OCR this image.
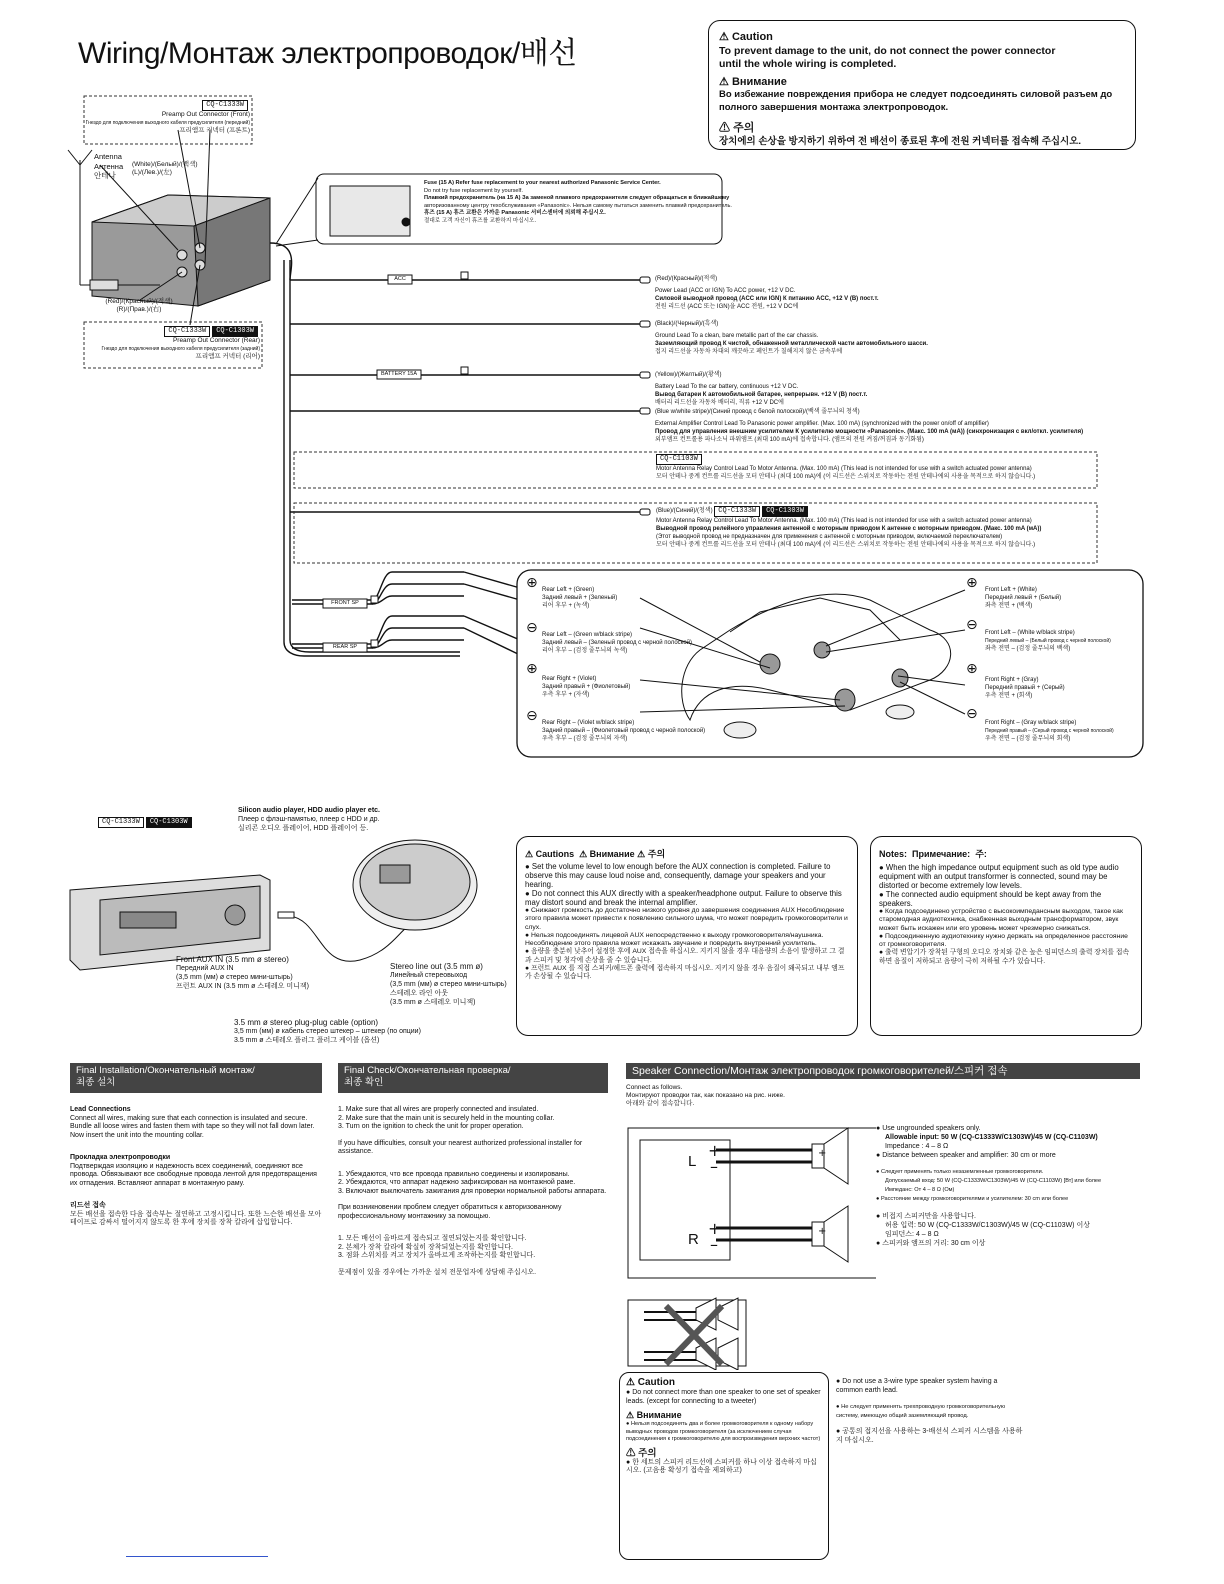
Wiring/Монтаж электропроводок/배선	⚠ Caution
To prevent damage to the unit, do not connect the power connector
until the whole wiring is completed.
⚠ Внимание
Во избежание повреждения прибора не следует подсоединять силовой разъем до
полного завершения монтажа электропроводок.
⚠ 주의
장치에의 손상을 방지하기 위하여 전 배선이 종료된 후에 전원 커넥터를 접속해 주십시오.
⊕
⊖
⊕
⊖
⊕
⊖
⊕
⊖
CQ-C1333W
Preamp Out Connector (Front)
Гнездо для подключения выходного кабеля предусилителя (передний)
프리앰프 커넥터 (프론트)
Antenna
Антенна
안테나
(White)/(Белый)/(백색)
(L)/(Лев.)/(左)
(Red)/(Красный)/(적색)
(R)/(Прав.)/(右)
CQ-C1333W CQ-C1303W
Preamp Out Connector (Rear)
Гнездо для подключения выходного кабеля предусилителя (задний)
프리앰프 커넥터 (리어)
Fuse (15 A) Refer fuse replacement to your nearest authorized Panasonic Service Center.
Do not try fuse replacement by yourself.
Плавкий предохранитель (на 15 А) За заменой плавкого предохранителя следует обращаться в ближайшему
авторизованному центру техобслуживания «Panasonic». Нельзя самому пытаться заменить плавкий предохранитель.
휴즈 (15 A) 휴즈 교환은 가까운 Panasonic 서비스센터에 의뢰해 주십시오.
절대로 고객 자신이 휴즈를 교환하지 마십시오.
ACC
BATTERY 15A
FRONT SP
REAR SP
(Red)/(Красный)/(적색)
Power Lead (ACC or IGN) To ACC power, +12 V DC.
Силовой выводной провод (ACC или IGN) К питанию ACC, +12 V (В) пост.т.
전원 리드선 (ACC 또는 IGN)을 ACC 전원, +12 V DC에
(Black)/(Черный)/(흑색)
Ground Lead To a clean, bare metallic part of the car chassis.
Заземляющий провод К чистой, обнаженной металлической части автомобильного шасси.
접지 리드선을 자동차 차대의 깨끗하고 페인트가 칠해지지 않은 금속부에
(Yellow)/(Желтый)/(황색)
Battery Lead To the car battery, continuous +12 V DC.
Вывод батареи К автомобильной батарее, непрерывн. +12 V (В) пост.т.
배터리 리드선을 자동차 배터리, 직류 +12 V DC에
(Blue w/white stripe)/(Синий провод с белой полоской)/(백색 줄무늬의 청색)
External Amplifier Control Lead To Panasonic power amplifier. (Max. 100 mA) (synchronized with the power on/off of amplifier)
Провод для управления внешним усилителем К усилителю мощности «Panasonic». (Макс. 100 mA (мА)) (синхронизация с вкл/откл. усилителя)
외부앰프 컨트롤용 파나소닉 파워앰프 (최대 100 mA)에 접속합니다. (앰프의 전원 켜짐/꺼짐과 동기화됨)
CQ-C1103W
Motor Antenna Relay Control Lead To Motor Antenna. (Max. 100 mA) (This lead is not intended for use with a switch actuated power antenna)
모터 안테나 중계 컨트롤 리드선을 모터 안테나 (최대 100 mA)에 (이 리드선은 스위치로 작동하는 전원 안테나에의 사용을 목적으로 하지 않습니다.)
(Blue)/(Синий)/(청색) CQ-C1333W CQ-C1303W
Motor Antenna Relay Control Lead To Motor Antenna. (Max. 100 mA) (This lead is not intended for use with a switch actuated power antenna)
Выводной провод релейного управления антенной с моторным приводом К антенне с моторным приводом. (Макс. 100 mA (мА))
(Этот выводной провод не предназначен для применения с антенной с моторным приводом, включаемой переключателем)
모터 안테나 중계 컨트롤 리드선을 모터 안테나 (최대 100 mA)에 (이 리드선은 스위치로 작동하는 전원 안테나에의 사용을 목적으로 하지 않습니다.)
Rear Left + (Green)
Задний левый + (Зеленый)
리어 후부 + (녹색)
Rear Left – (Green w/black stripe)
Задний левый – (Зеленый провод с черной полоской)
리어 후부 – (검정 줄무늬의 녹색)
Rear Right + (Violet)
Задний правый + (Фиолетовый)
우측 후부 + (자색)
Rear Right – (Violet w/black stripe)
Задний правый – (Фиолетовый провод с черной полоской)
우측 후부 – (검정 줄무늬의 자색)
Front Left + (White)
Передний левый + (Белый)
좌측 전면 + (백색)
Front Left – (White w/black stripe)
Передний левый – (Белый провод с черной полоской)
좌측 전면 – (검정 줄무늬의 백색)
Front Right + (Gray)
Передний правый + (Серый)
우측 전면 + (회색)
Front Right – (Gray w/black stripe)
Передний правый – (Серый провод с черной полоской)
우측 전면 – (검정 줄무늬의 회색)
CQ-C1333W CQ-C1303W
Silicon audio player, HDD audio player etc.
Плеер с флэш-памятью, плеер с HDD и др.
실리콘 오디오 플레이어, HDD 플레이어 등.
Front AUX IN (3.5 mm ø stereo)
Передний AUX IN
(3,5 mm (мм) ø стерео мини-штырь)
프런트 AUX IN (3.5 mm ø 스테레오 미니잭)
Stereo line out (3.5 mm ø)
Линейный стереовыход
(3,5 mm (мм) ø стерео мини-штырь)
스테레오 라인 아웃
(3.5 mm ø 스테레오 미니잭)
3.5 mm ø stereo plug-plug cable (option)
3,5 mm (мм) ø кабель стерео штекер – штекер (по опции)
3.5 mm ø 스테레오 플러그 플러그 케이블 (옵션)
⚠ Cautions  ⚠ Внимание ⚠ 주의
● Set the volume level to low enough before the AUX connection is completed. Failure to observe this may cause loud noise and, consequently, damage your speakers and your hearing.
● Do not connect this AUX directly with a speaker/headphone output. Failure to observe this may distort sound and break the internal amplifier.
● Снижают громкость до достаточно низкого уровня до завершения соединения AUX Несоблюдение этого правила может привести к появлению сильного шума, что может повредить громкоговорители и слух.
● Нельзя подсоединять лицевой AUX непосредственно к выходу громкоговорителя/наушника. Несоблюдение этого правила может искажать звучание и повредить внутренний усилитель.
● 음량을 충분히 낮추어 설정한 후에 AUX 접속을 하십시오. 지키지 않을 경우 대음량의 소음이 발생하고 그 결과 스피커 및 청각에 손상을 줄 수 있습니다.
● 프런트 AUX 를 직접 스피커/헤드폰 출력에 접속하지 마십시오. 지키지 않을 경우 음질이 왜곡되고 내부 앰프가 손상될 수 있습니다.
Notes: Примечание: 주:
● When the high impedance output equipment such as old type audio equipment with an output transformer is connected, sound may be distorted or become extremely low levels.
● The connected audio equipment should be kept away from the speakers.
● Когда подсоединено устройство с высокоимпедансным выходом, такое как старомодная аудиотехника, снабженная выходным трансформатором, звук может быть искажен или его уровень может чрезмерно снижаться.
● Подсоединенную аудиотехнику нужно держать на определенное расстояние от громкоговорителя.
● 출력 변압기가 장착된 구형의 오디오 장치와 같은 높은 임피던스의 출력 장치를 접속하면 음질이 저하되고 음량이 극히 저하될 수가 있습니다.
Final Installation/Окончательный монтаж/
최종 설치
Lead Connections
Connect all wires, making sure that each connection is insulated and secure. Bundle all loose wires and fasten them with tape so they will not fall down later. Now insert the unit into the mounting collar.
Прокладка электропроводки
Подтверждая изоляцию и надежность всех соединений, соединяют все провода. Обвязывают все свободные провода лентой для предотвращения их отпадения. Вставляют аппарат в монтажную раму.
리드선 접속
모든 배선을 접속한 다음 접속부는 절연하고 고정시킵니다. 또한 느슨한 배선을 모아 테이프로 감싸서 떨어지지 않도록 한 후에 장치를 장착 칼라에 삽입합니다.
Final Check/Окончательная проверка/
최종 확인
1. Make sure that all wires are properly connected and insulated.
2. Make sure that the main unit is securely held in the mounting collar.
3. Turn on the ignition to check the unit for proper operation.
If you have difficulties, consult your nearest authorized professional installer for assistance.
1. Убеждаются, что все провода правильно соединены и изолированы.
2. Убеждаются, что аппарат надежно зафиксирован на монтажной раме.
3. Включают выключатель зажигания для проверки нормальной работы аппарата.
При возникновении проблем следует обратиться к авторизованному профессиональному монтажнику за помощью.
1. 모든 배선이 올바르게 접속되고 절연되었는지를 확인합니다.
2. 본체가 장착 칼라에 확실히 장착되었는지를 확인합니다.
3. 점화 스위치를 켜고 장치가 올바르게 조작하는지를 확인합니다.
문제점이 있을 경우에는 가까운 설치 전문업자에 상담해 주십시오.
Speaker Connection/Монтаж электропроводок громкоговорителей/스피커 접속
Connect as follows.
Монтируют проводки так, как показано на рис. ниже.
아래와 같이 접속합니다.
+
–
+
–
+
+
L
R
● Use ungrounded speakers only.
Allowable input: 50 W (CQ-C1333W/C1303W)/45 W (CQ-C1103W)
Impedance : 4 – 8 Ω
● Distance between speaker and amplifier: 30 cm or more
● Следует применять только незаземленные громкоговорители.
Допускаемый вход: 50 W (CQ-C1333W/C1303W)/45 W (CQ-C1103W) [Вт] или более
Импеданс: От 4 – 8 Ω (Ом)
● Расстояние между громкоговорителями и усилителем: 30 cm или более
● 비접지 스피커만을 사용합니다.
허용 입력: 50 W (CQ-C1333W/C1303W)/45 W (CQ-C1103W) 이상
임피던스: 4 – 8 Ω
● 스피커와 앰프의 거리: 30 cm 이상
⚠ Caution
● Do not connect more than one speaker to one set of speaker leads. (except for connecting to a tweeter)
⚠ Внимание
● Нельзя подсоединять два и более громкоговорителя к одному набору выводных проводов громкоговорителя (за исключением случая подсоединения к громкоговорителю для воспроизведения верхних частот)
⚠ 주의
● 한 세트의 스피커 리드선에 스피커를 하나 이상 접속하지 마십시오. (고음용 확성기 접속을 제외하고)
● Do not use a 3-wire type speaker system having a common earth lead.
● Не следует применять трехпроводную громкоговорительную систему, имеющую общий заземляющий провод.
● 공통의 접지선을 사용하는 3-배선식 스피커 시스템을 사용하지 마십시오.
